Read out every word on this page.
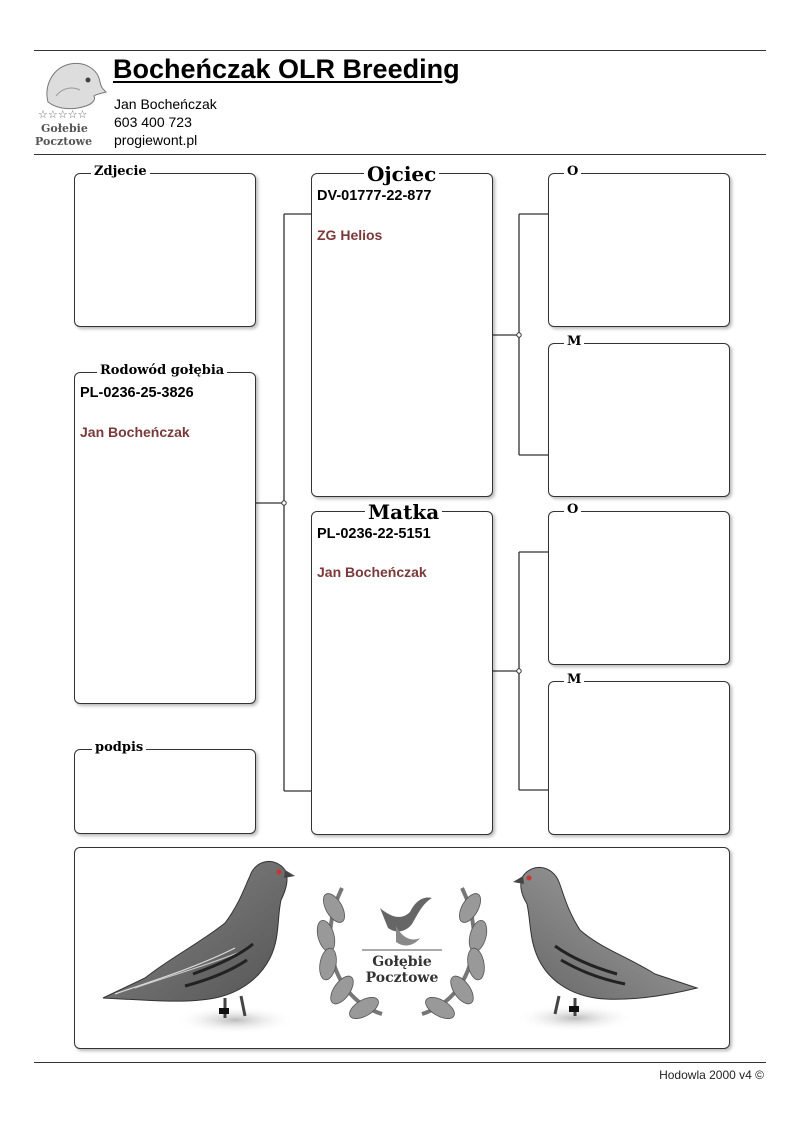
☆☆☆☆☆
Gołebie
Pocztowe
Bocheńczak OLR Breeding
Jan Bocheńczak
603 400 723
progiewont.pl
Zdjecie
Rodowód gołębia
PL-0236-25-3826
Jan Bocheńczak
podpis
Ojciec
DV-01777-22-877
ZG Helios
Matka
PL-0236-22-5151
Jan Bocheńczak
O
M
O
M
Gołębie
Pocztowe
Hodowla 2000 v4 ©
